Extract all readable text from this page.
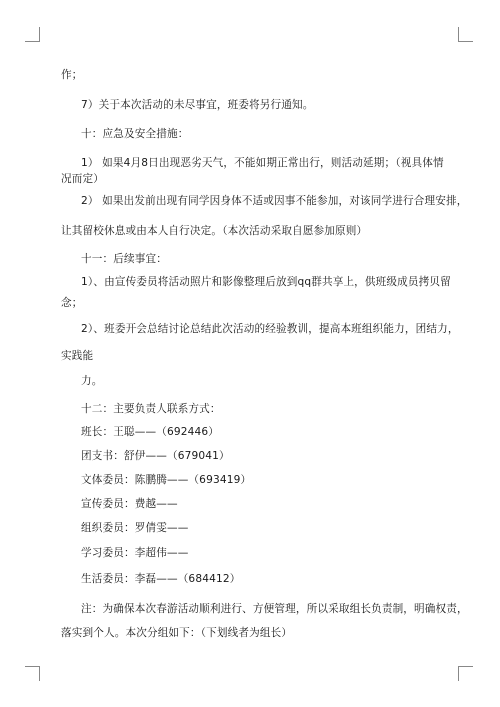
作；
7）关于本次活动的未尽事宜，班委将另行通知。
十：应急及安全措施：
1） 如果4月8日出现恶劣天气，不能如期正常出行，则活动延期；（视具体情
况而定）
2） 如果出发前出现有同学因身体不适或因事不能参加，对该同学进行合理安排，
让其留校休息或由本人自行决定。（本次活动采取自愿参加原则）
十一：后续事宜：
1）、由宣传委员将活动照片和影像整理后放到qq群共享上，供班级成员拷贝留
念；
2）、班委开会总结讨论总结此次活动的经验教训，提高本班组织能力，团结力，
实践能
力。
十二：主要负责人联系方式：
班长：王聪——（692446）
团支书：舒伊——（679041）
文体委员：陈鹏腾——（693419）
宣传委员：费越——
组织委员：罗倩雯——
学习委员：李超伟——
生活委员：李磊——（684412）
注：为确保本次春游活动顺利进行、方便管理，所以采取组长负责制，明确权责，
落实到个人。本次分组如下：（下划线者为组长）
